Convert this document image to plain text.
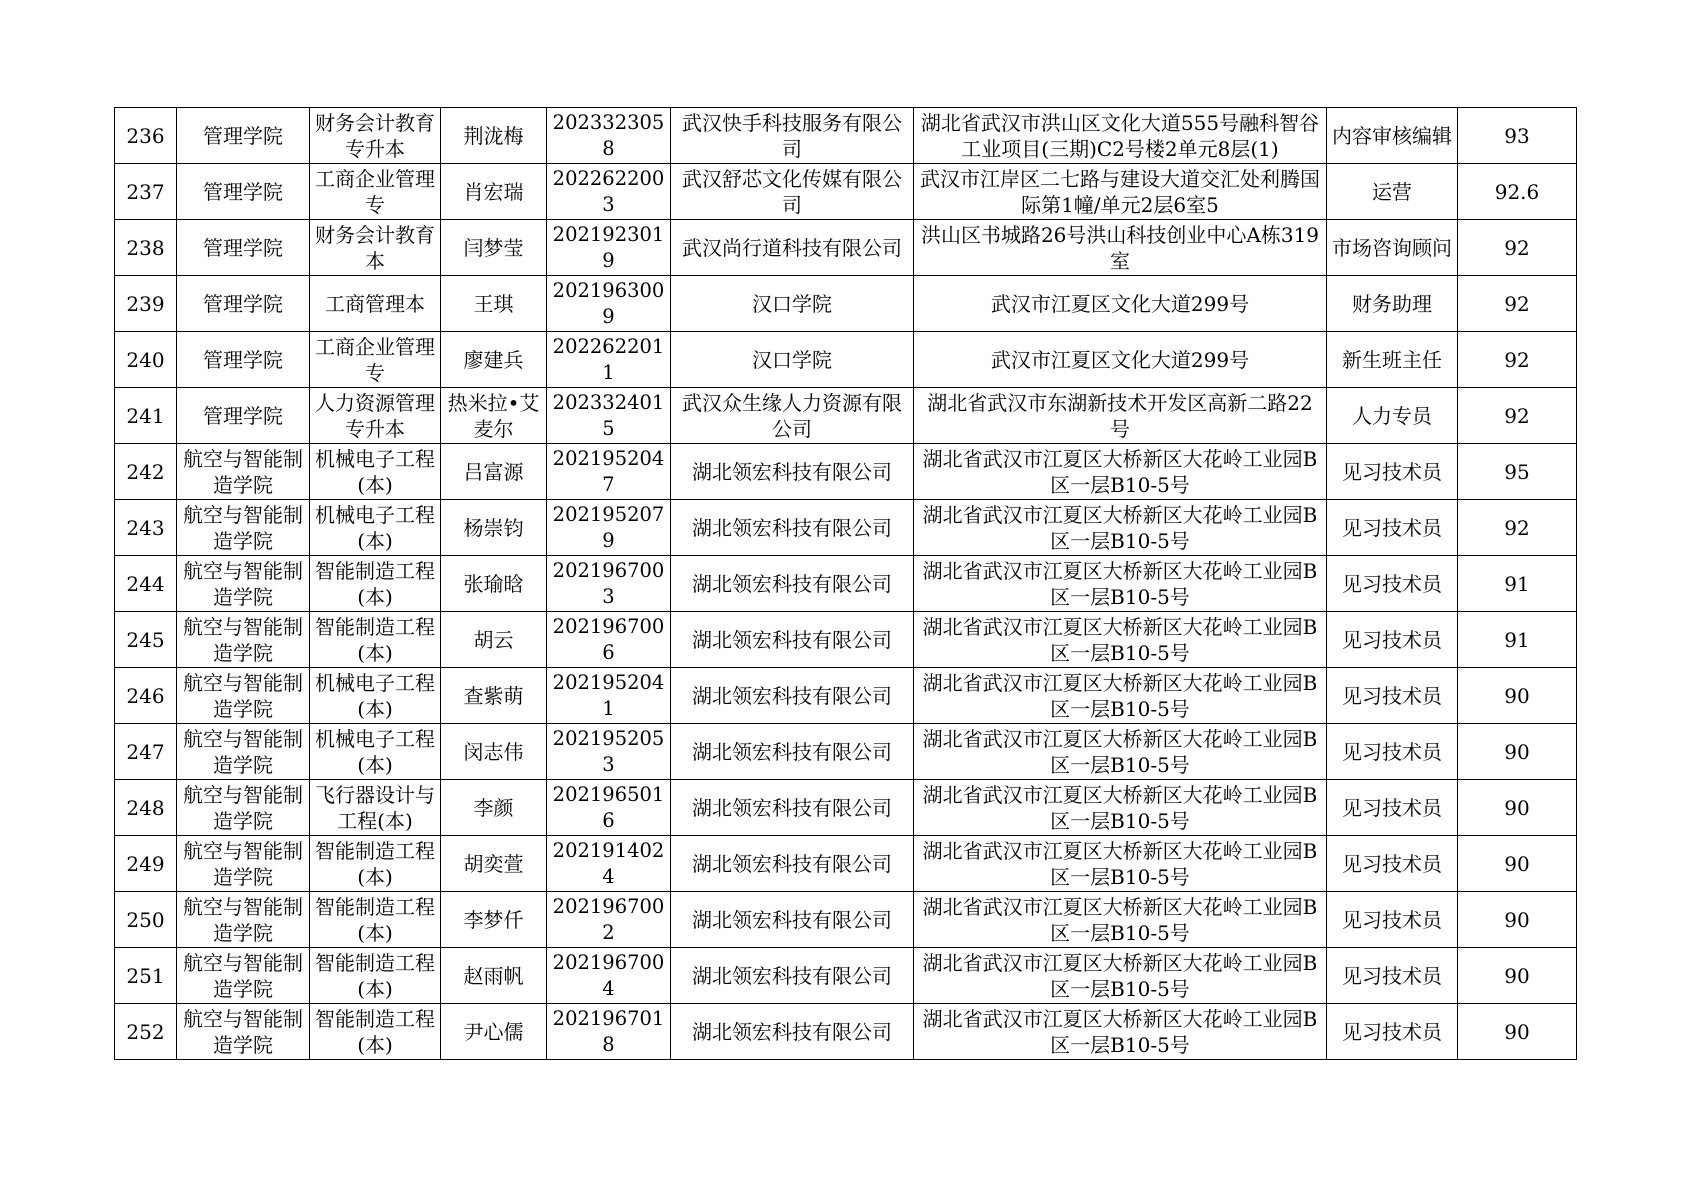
236	管理学院	财务会计教育专升本	荆泷梅	2023323058	武汉快手科技服务有限公司	湖北省武汉市洪山区文化大道555号融科智谷工业项目(三期)C2号楼2单元8层(1)	内容审核编辑	93
237	管理学院	工商企业管理专	肖宏瑞	2022622003	武汉舒芯文化传媒有限公司	武汉市江岸区二七路与建设大道交汇处利腾国际第1幢/单元2层6室5	运营	92.6
238	管理学院	财务会计教育本	闫梦莹	2021923019	武汉尚行道科技有限公司	洪山区书城路26号洪山科技创业中心A栋319室	市场咨询顾问	92
239	管理学院	工商管理本	王琪	2021963009	汉口学院	武汉市江夏区文化大道299号	财务助理	92
240	管理学院	工商企业管理专	廖建兵	2022622011	汉口学院	武汉市江夏区文化大道299号	新生班主任	92
241	管理学院	人力资源管理专升本	热米拉•艾麦尔	2023324015	武汉众生缘人力资源有限公司	湖北省武汉市东湖新技术开发区高新二路22号	人力专员	92
242	航空与智能制造学院	机械电子工程(本)	吕富源	2021952047	湖北领宏科技有限公司	湖北省武汉市江夏区大桥新区大花岭工业园B区一层B10-5号	见习技术员	95
243	航空与智能制造学院	机械电子工程(本)	杨崇钧	2021952079	湖北领宏科技有限公司	湖北省武汉市江夏区大桥新区大花岭工业园B区一层B10-5号	见习技术员	92
244	航空与智能制造学院	智能制造工程(本)	张瑜晗	2021967003	湖北领宏科技有限公司	湖北省武汉市江夏区大桥新区大花岭工业园B区一层B10-5号	见习技术员	91
245	航空与智能制造学院	智能制造工程(本)	胡云	2021967006	湖北领宏科技有限公司	湖北省武汉市江夏区大桥新区大花岭工业园B区一层B10-5号	见习技术员	91
246	航空与智能制造学院	机械电子工程(本)	查紫萌	2021952041	湖北领宏科技有限公司	湖北省武汉市江夏区大桥新区大花岭工业园B区一层B10-5号	见习技术员	90
247	航空与智能制造学院	机械电子工程(本)	闵志伟	2021952053	湖北领宏科技有限公司	湖北省武汉市江夏区大桥新区大花岭工业园B区一层B10-5号	见习技术员	90
248	航空与智能制造学院	飞行器设计与工程(本)	李颜	2021965016	湖北领宏科技有限公司	湖北省武汉市江夏区大桥新区大花岭工业园B区一层B10-5号	见习技术员	90
249	航空与智能制造学院	智能制造工程(本)	胡奕萱	2021914024	湖北领宏科技有限公司	湖北省武汉市江夏区大桥新区大花岭工业园B区一层B10-5号	见习技术员	90
250	航空与智能制造学院	智能制造工程(本)	李梦仟	2021967002	湖北领宏科技有限公司	湖北省武汉市江夏区大桥新区大花岭工业园B区一层B10-5号	见习技术员	90
251	航空与智能制造学院	智能制造工程(本)	赵雨帆	2021967004	湖北领宏科技有限公司	湖北省武汉市江夏区大桥新区大花岭工业园B区一层B10-5号	见习技术员	90
252	航空与智能制造学院	智能制造工程(本)	尹心儒	2021967018	湖北领宏科技有限公司	湖北省武汉市江夏区大桥新区大花岭工业园B区一层B10-5号	见习技术员	90
